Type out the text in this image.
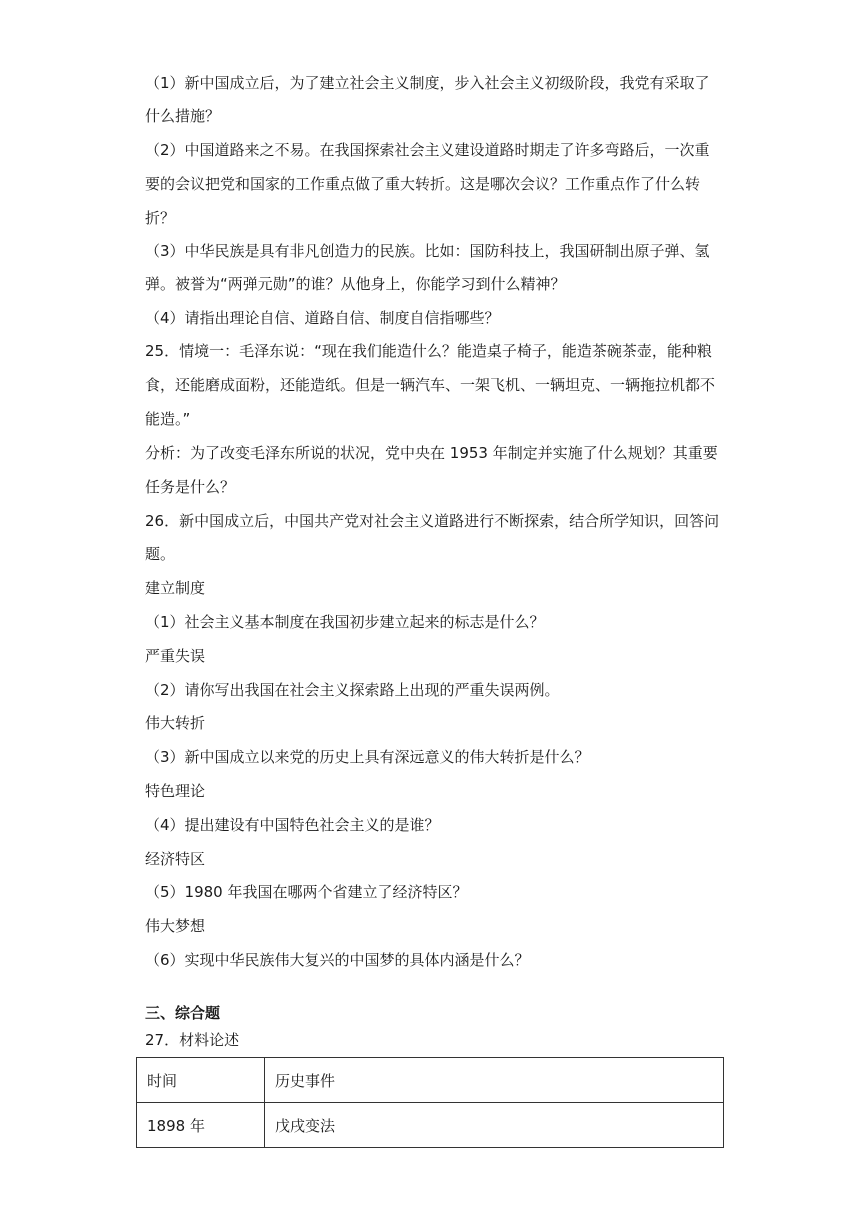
（1）新中国成立后，为了建立社会主义制度，步入社会主义初级阶段，我党有采取了
什么措施？
（2）中国道路来之不易。在我国探索社会主义建设道路时期走了许多弯路后，一次重
要的会议把党和国家的工作重点做了重大转折。这是哪次会议？工作重点作了什么转
折？
（3）中华民族是具有非凡创造力的民族。比如：国防科技上，我国研制出原子弹、氢
弹。被誉为“两弹元勋”的谁？从他身上，你能学习到什么精神？
（4）请指出理论自信、道路自信、制度自信指哪些？
25．情境一：毛泽东说：“现在我们能造什么？能造桌子椅子，能造茶碗茶壶，能种粮
食，还能磨成面粉，还能造纸。但是一辆汽车、一架飞机、一辆坦克、一辆拖拉机都不
能造。”
分析：为了改变毛泽东所说的状况，党中央在 1953 年制定并实施了什么规划？其重要
任务是什么？
26．新中国成立后，中国共产党对社会主义道路进行不断探索，结合所学知识，回答问
题。
建立制度
（1）社会主义基本制度在我国初步建立起来的标志是什么？
严重失误
（2）请你写出我国在社会主义探索路上出现的严重失误两例。
伟大转折
（3）新中国成立以来党的历史上具有深远意义的伟大转折是什么？
特色理论
（4）提出建设有中国特色社会主义的是谁？
经济特区
（5）1980 年我国在哪两个省建立了经济特区？
伟大梦想
（6）实现中华民族伟大复兴的中国梦的具体内涵是什么？
三、综合题
27．材料论述
时间	历史事件
1898 年	戊戌变法
